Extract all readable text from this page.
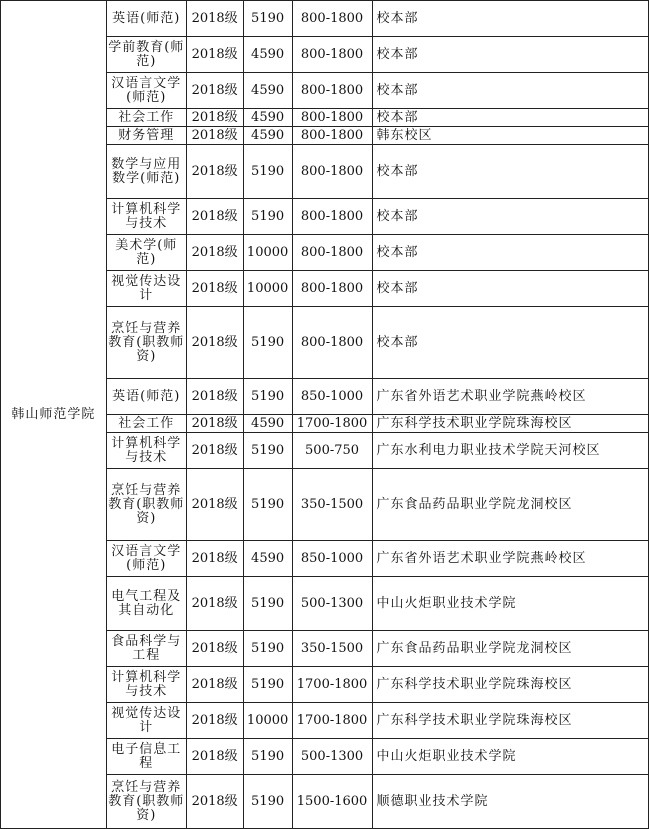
韩山师范学院	英语(师范)	2018级	5190	800-1800	校本部
	学前教育(师范)	2018级	4590	800-1800	校本部
	汉语言文学(师范)	2018级	4590	800-1800	校本部
	社会工作	2018级	4590	800-1800	校本部
	财务管理	2018级	4590	800-1800	韩东校区
	数学与应用数学(师范)	2018级	5190	800-1800	校本部
	计算机科学与技术	2018级	5190	800-1800	校本部
	美术学(师范)	2018级	10000	800-1800	校本部
	视觉传达设计	2018级	10000	800-1800	校本部
	烹饪与营养教育(职教师资)	2018级	5190	800-1800	校本部
	英语(师范)	2018级	5190	850-1000	广东省外语艺术职业学院燕岭校区
	社会工作	2018级	4590	1700-1800	广东科学技术职业学院珠海校区
	计算机科学与技术	2018级	5190	500-750	广东水利电力职业技术学院天河校区
	烹饪与营养教育(职教师资)	2018级	5190	350-1500	广东食品药品职业学院龙洞校区
	汉语言文学(师范)	2018级	4590	850-1000	广东省外语艺术职业学院燕岭校区
	电气工程及其自动化	2018级	5190	500-1300	中山火炬职业技术学院
	食品科学与工程	2018级	5190	350-1500	广东食品药品职业学院龙洞校区
	计算机科学与技术	2018级	5190	1700-1800	广东科学技术职业学院珠海校区
	视觉传达设计	2018级	10000	1700-1800	广东科学技术职业学院珠海校区
	电子信息工程	2018级	5190	500-1300	中山火炬职业技术学院
	烹饪与营养教育(职教师资)	2018级	5190	1500-1600	顺德职业技术学院
